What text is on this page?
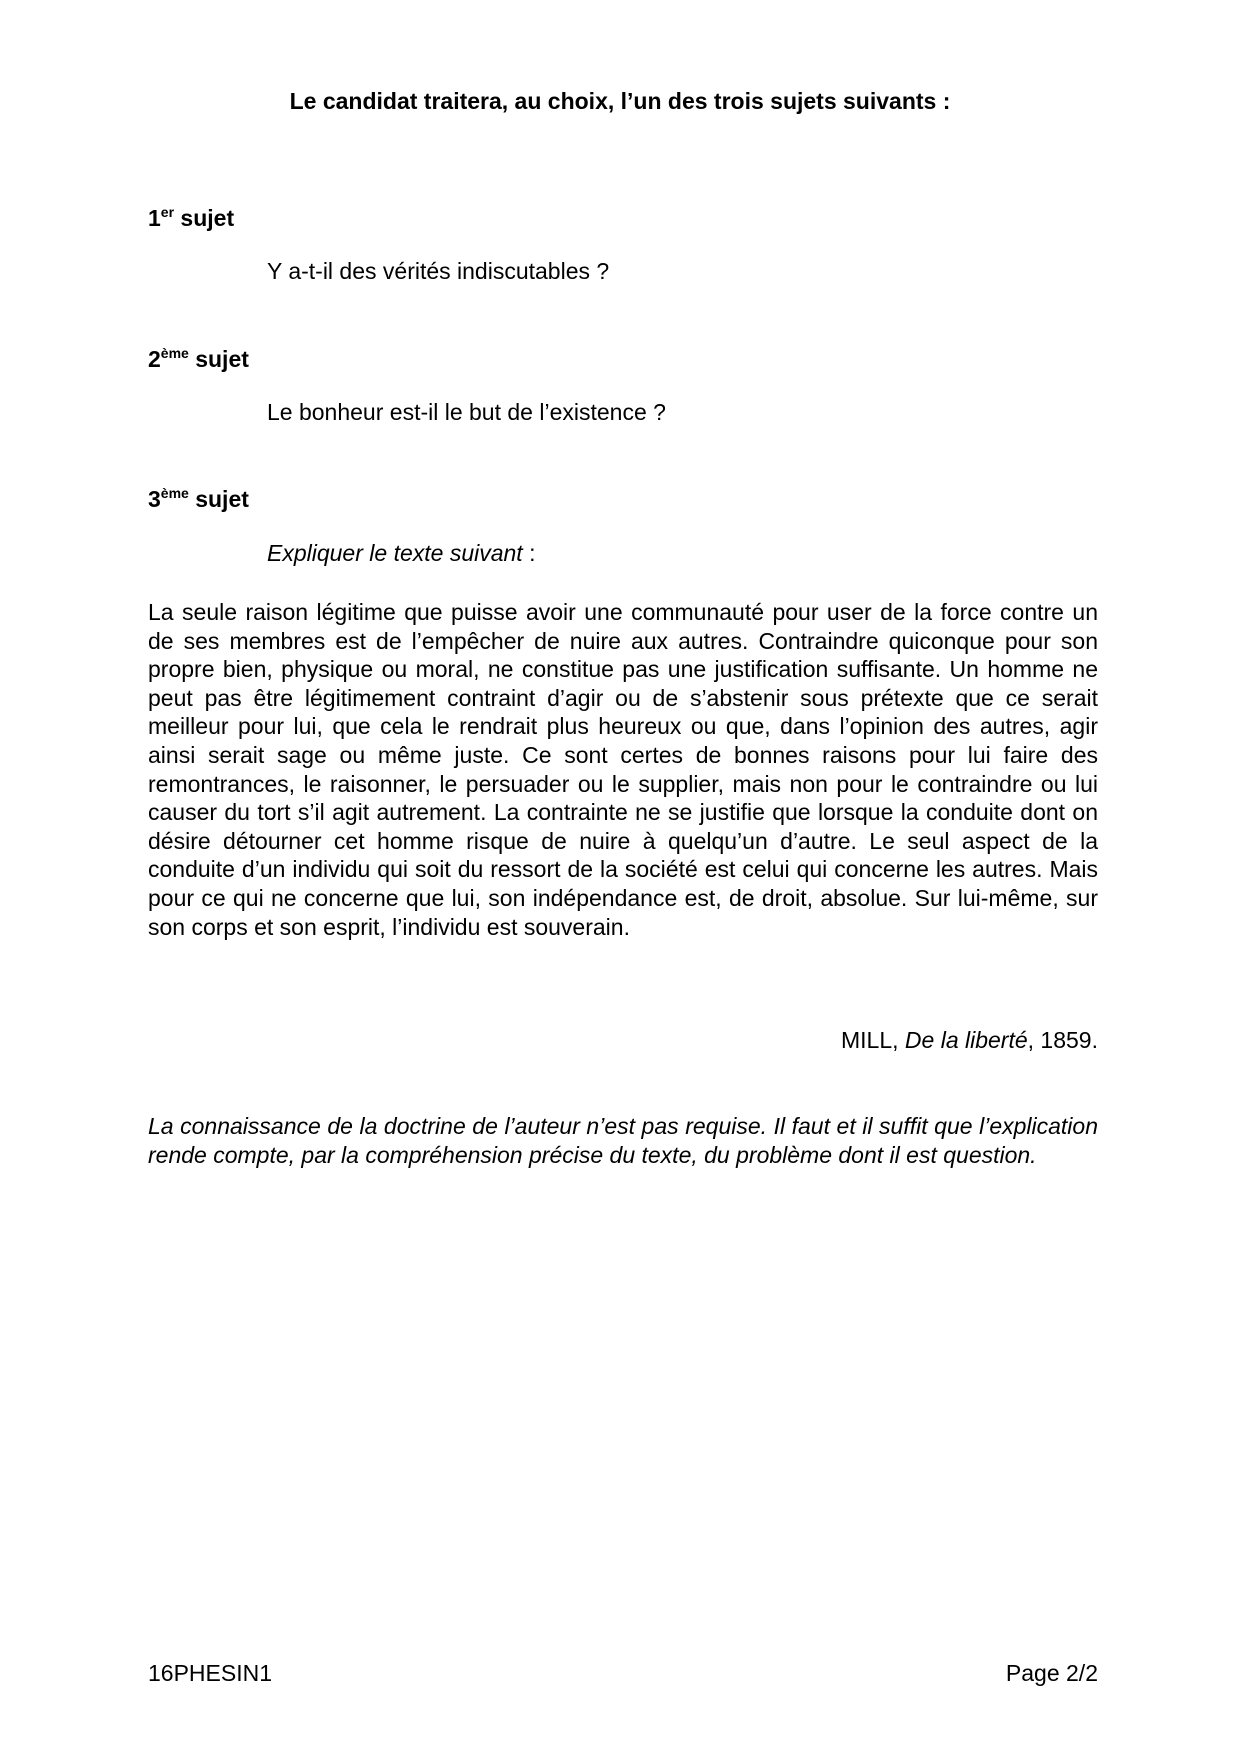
Le candidat traitera, au choix, l’un des trois sujets suivants :
1er sujet
Y a-t-il des vérités indiscutables ?
2ème sujet
Le bonheur est-il le but de l’existence ?
3ème sujet
Expliquer le texte suivant :

La seule raison légitime que puisse avoir une communauté pour user de la force contre un de ses membres est de l’empêcher de nuire aux autres. Contraindre quiconque pour son propre bien, physique ou moral, ne constitue pas une justification suffisante. Un homme ne peut pas être légitimement contraint d’agir ou de s’abstenir sous prétexte que ce serait meilleur pour lui, que cela le rendrait plus heureux ou que, dans l’opinion des autres, agir ainsi serait sage ou même juste. Ce sont certes de bonnes raisons pour lui faire des remontrances, le raisonner, le persuader ou le supplier, mais non pour le contraindre ou lui causer du tort s’il agit autrement. La contrainte ne se justifie que lorsque la conduite dont on désire détourner cet homme risque de nuire à quelqu’un d’autre. Le seul aspect de la conduite d’un individu qui soit du ressort de la société est celui qui concerne les autres. Mais pour ce qui ne concerne que lui, son indépendance est, de droit, absolue. Sur lui-même, sur son corps et son esprit, l’individu est souverain.

MILL, De la liberté, 1859.

La connaissance de la doctrine de l’auteur n’est pas requise. Il faut et il suffit que l’explication rende compte, par la compréhension précise du texte, du problème dont il est question.

16PHESIN1	Page 2/2
